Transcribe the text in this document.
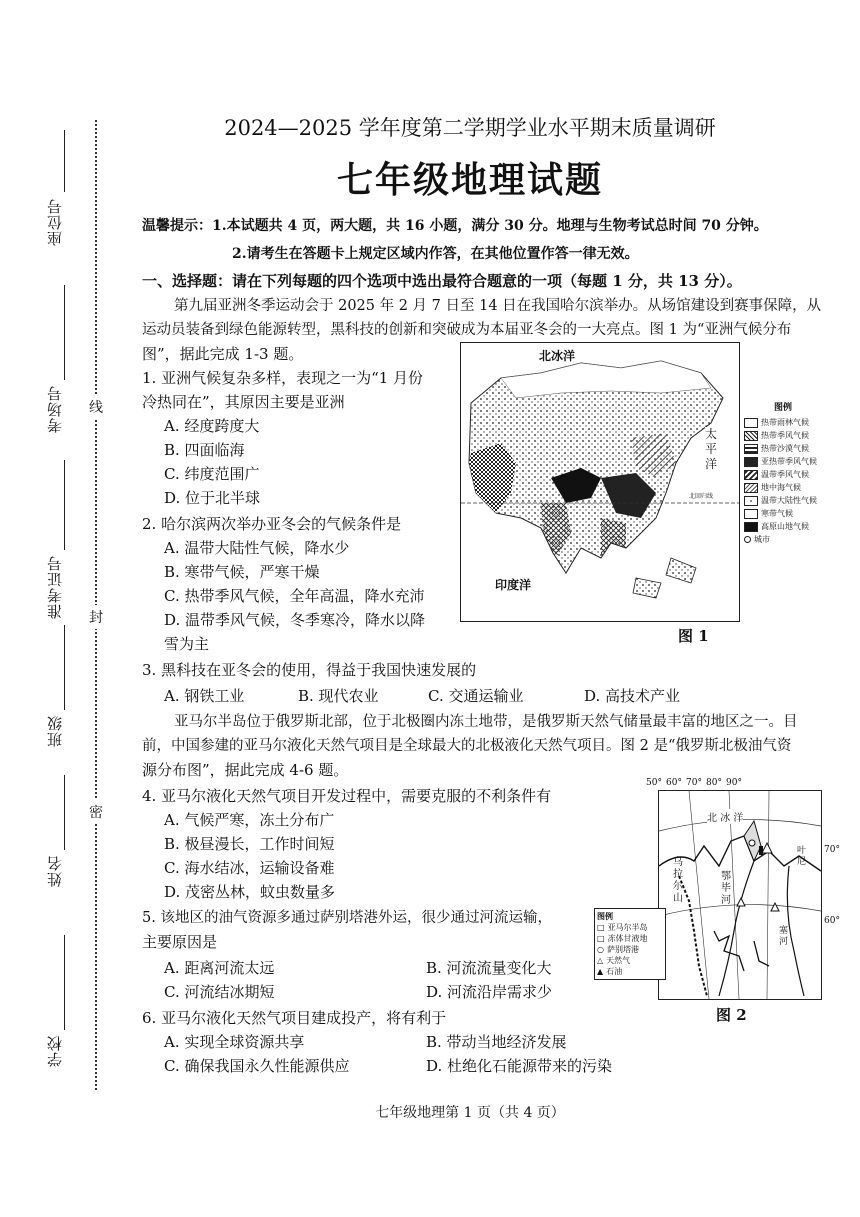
线
封
密
座位号
考场号
准考证号
班级
姓名
学校
2024—2025 学年度第二学期学业水平期末质量调研
七年级地理试题
温馨提示：1.本试题共 4 页，两大题，共 16 小题，满分 30 分。地理与生物考试总时间 70 分钟。
2.请考生在答题卡上规定区域内作答，在其他位置作答一律无效。
一、选择题：请在下列每题的四个选项中选出最符合题意的一项（每题 1 分，共 13 分）。
第九届亚洲冬季运动会于 2025 年 2 月 7 日至 14 日在我国哈尔滨举办。从场馆建设到赛事保障，从
运动员装备到绿色能源转型，黑科技的创新和突破成为本届亚冬会的一大亮点。图 1 为“亚洲气候分布
图”，据此完成 1-3 题。
1. 亚洲气候复杂多样，表现之一为“1 月份
冷热同在”，其原因主要是亚洲
A. 经度跨度大
B. 四面临海
C. 纬度范围广
D. 位于北半球
2. 哈尔滨两次举办亚冬会的气候条件是
A. 温带大陆性气候，降水少
B. 寒带气候，严寒干燥
C. 热带季风气候，全年高温，降水充沛
D. 温带季风气候，冬季寒冷，降水以降
雪为主
3. 黑科技在亚冬会的使用，得益于我国快速发展的
A. 钢铁工业	B. 现代农业	C. 交通运输业	D. 高技术产业
亚马尔半岛位于俄罗斯北部，位于北极圈内冻土地带，是俄罗斯天然气储量最丰富的地区之一。目
前，中国参建的亚马尔液化天然气项目是全球最大的北极液化天然气项目。图 2 是“俄罗斯北极油气资
源分布图”，据此完成 4-6 题。
4. 亚马尔液化天然气项目开发过程中，需要克服的不利条件有
A. 气候严寒，冻土分布广
B. 极昼漫长，工作时间短
C. 海水结冰，运输设备难
D. 茂密丛林，蚊虫数量多
5. 该地区的油气资源多通过萨别塔港外运，很少通过河流运输，
主要原因是
A. 距离河流太远	B. 河流流量变化大
C. 河流结冰期短	D. 河流沿岸需求少
6. 亚马尔液化天然气项目建成投产，将有利于
A. 实现全球资源共享	B. 带动当地经济发展
C. 确保我国永久性能源供应	D. 杜绝化石能源带来的污染
北冰洋
太
平
洋
北回归线
印度洋
图例
热带雨林气候
热带季风气候
热带沙漠气候
亚热带季风气候
温带季风气候
地中海气候
温带大陆性气候
寒带气候
高原山地气候
城市
图 1
50° 60° 70° 80° 90°
北 冰 洋
乌
拉
尔
山
鄂
毕
河
叶
尼
塞
河
70°
60°
图例
□ 亚马尔半岛
□ 冻体甘液地
○ 萨别塔港
△ 天然气
▲ 石油
图 2
七年级地理第 1 页（共 4 页）
